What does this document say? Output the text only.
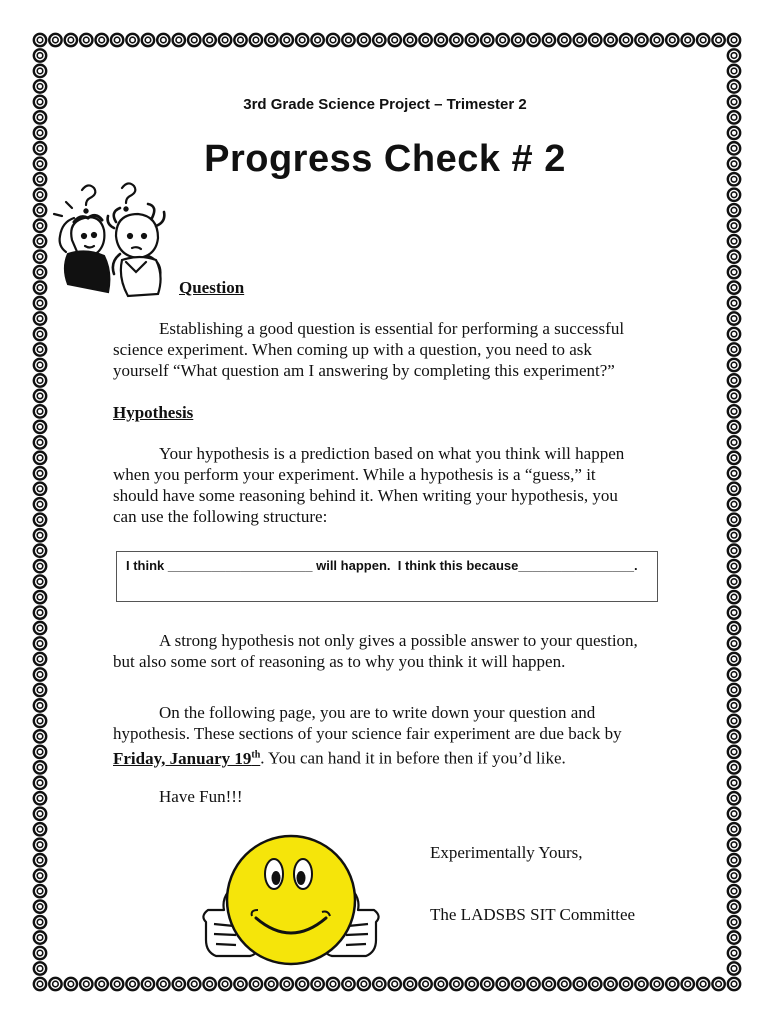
3rd Grade Science Project – Trimester 2
Progress Check # 2
Question
Establishing a good question is essential for performing a successful
science experiment. When coming up with a question, you need to ask
yourself “What question am I answering by completing this experiment?”
Hypothesis
Your hypothesis is a prediction based on what you think will happen
when you perform your experiment. While a hypothesis is a “guess,” it
should have some reasoning behind it. When writing your hypothesis, you
can use the following structure:
I think ____________________ will happen.  I think this because________________.
A strong hypothesis not only gives a possible answer to your question,
but also some sort of reasoning as to why you think it will happen.
On the following page, you are to write down your question and
hypothesis. These sections of your science fair experiment are due back by
Friday, January 19th. You can hand it in before then if you’d like.
Have Fun!!!
Experimentally Yours,
The LADSBS SIT Committee
